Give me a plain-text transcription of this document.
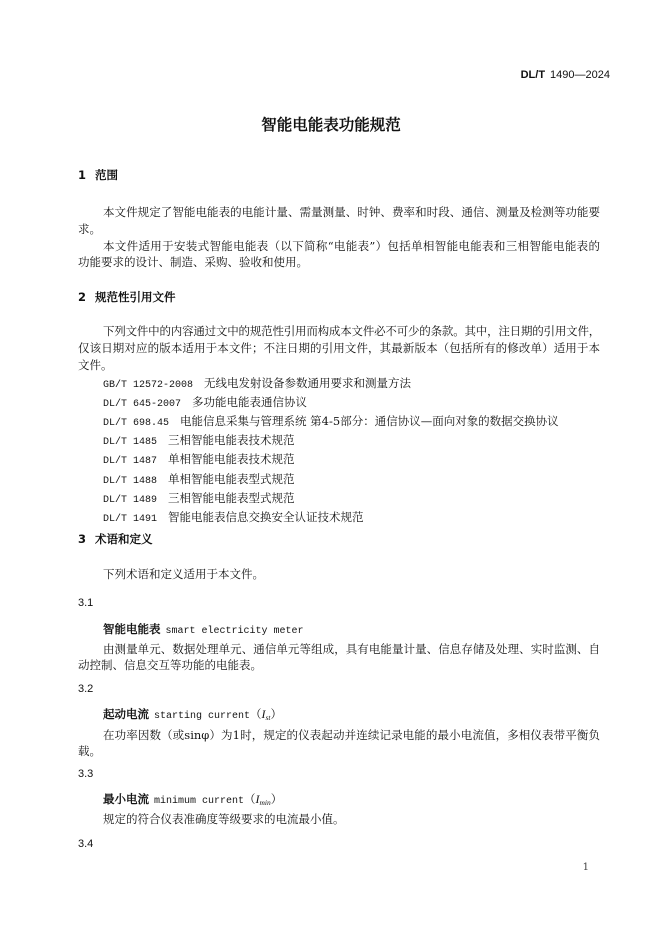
DL/T 1490—2024
智能电能表功能规范
1 范围
本文件规定了智能电能表的电能计量、需量测量、时钟、费率和时段、通信、测量及检测等功能要
求。
本文件适用于安装式智能电能表（以下简称“电能表”）包括单相智能电能表和三相智能电能表的
功能要求的设计、制造、采购、验收和使用。
2 规范性引用文件
下列文件中的内容通过文中的规范性引用而构成本文件必不可少的条款。其中，注日期的引用文件，
仅该日期对应的版本适用于本文件；不注日期的引用文件，其最新版本（包括所有的修改单）适用于本
文件。
GB/T 12572-2008 无线电发射设备参数通用要求和测量方法
DL/T 645-2007 多功能电能表通信协议
DL/T 698.45 电能信息采集与管理系统 第4-5部分：通信协议—面向对象的数据交换协议
DL/T 1485 三相智能电能表技术规范
DL/T 1487 单相智能电能表技术规范
DL/T 1488 单相智能电能表型式规范
DL/T 1489 三相智能电能表型式规范
DL/T 1491 智能电能表信息交换安全认证技术规范
3 术语和定义
下列术语和定义适用于本文件。
3.1
智能电能表 smart electricity meter
由测量单元、数据处理单元、通信单元等组成，具有电能量计量、信息存储及处理、实时监测、自
动控制、信息交互等功能的电能表。
3.2
起动电流 starting $current(I_{st})$
在功率因数（或sinφ）为1时，规定的仪表起动并连续记录电能的最小电流值，多相仪表带平衡负
载。
3.3
最小电流 minimum $current(I_{min})$
规定的符合仪表准确度等级要求的电流最小值。
3.4
1
